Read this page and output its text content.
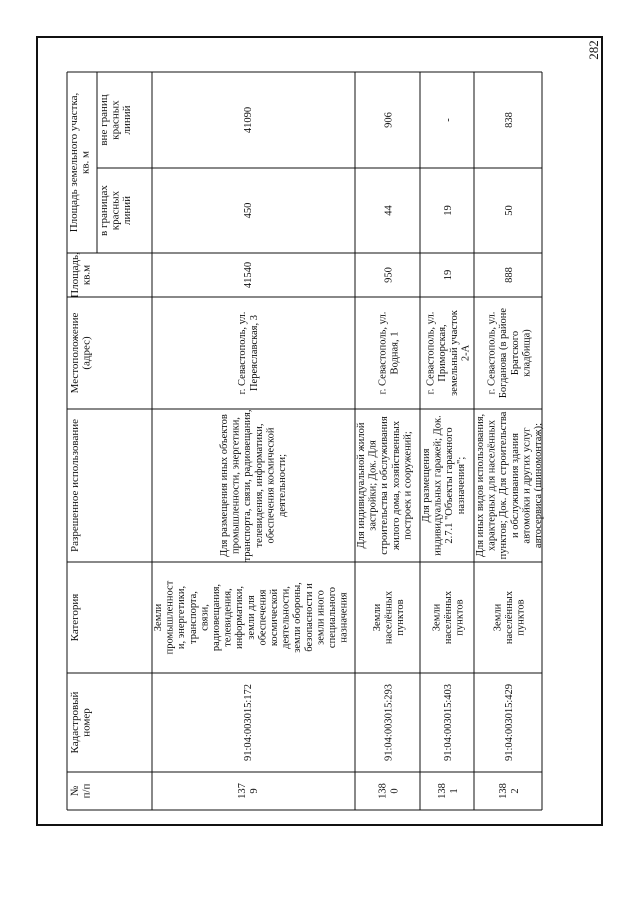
282
№п/п
Кадастровыйномер
Категория
Разрешенное использование
Местоположение(адрес)
Площадь,кв.м
Площадь земельного участка,кв. м
в границахкрасныхлиний
вне границкрасныхлиний
1379
91:04:003015:172
Землипромышленности, энергетики,транспорта,связи,радиовещания,телевидения,информатики,земли дляобеспечениякосмическойдеятельности,земли обороны,безопасности иземли иногоспециальногоназначения
Для размещения иных объектовпромышленности, энергетики,транспорта, связи, радиовещания,телевидения, информатики,обеспечения космическойдеятельности;
г. Севастополь, ул.Переяславская, 3
41540
450
41090
1380
91:04:003015:293
Землинаселённыхпунктов
Для индивидуальной жилойзастройки; Док. Длястроительства и обслуживанияжилого дома, хозяйственныхпостроек и сооружений;
г. Севастополь, ул.Водная, 1
950
44
906
1381
91:04:003015:403
Землинаселённыхпунктов
Для размещенияиндивидуальных гаражей; Док.2.7.1 "Объекты гаражногоназначения";
г. Севастополь, ул.Приморская,земельный участок2-А
19
19
-
1382
91:04:003015:429
Землинаселённыхпунктов
Для иных видов использования,характерных для населённыхпунктов; Док. Для строительстваи обслуживания зданияавтомойки и других услугавтосервиса (шиномонтаж);
г. Севастополь, ул.Богданова (в районеБратскогокладбища)
888
50
838
